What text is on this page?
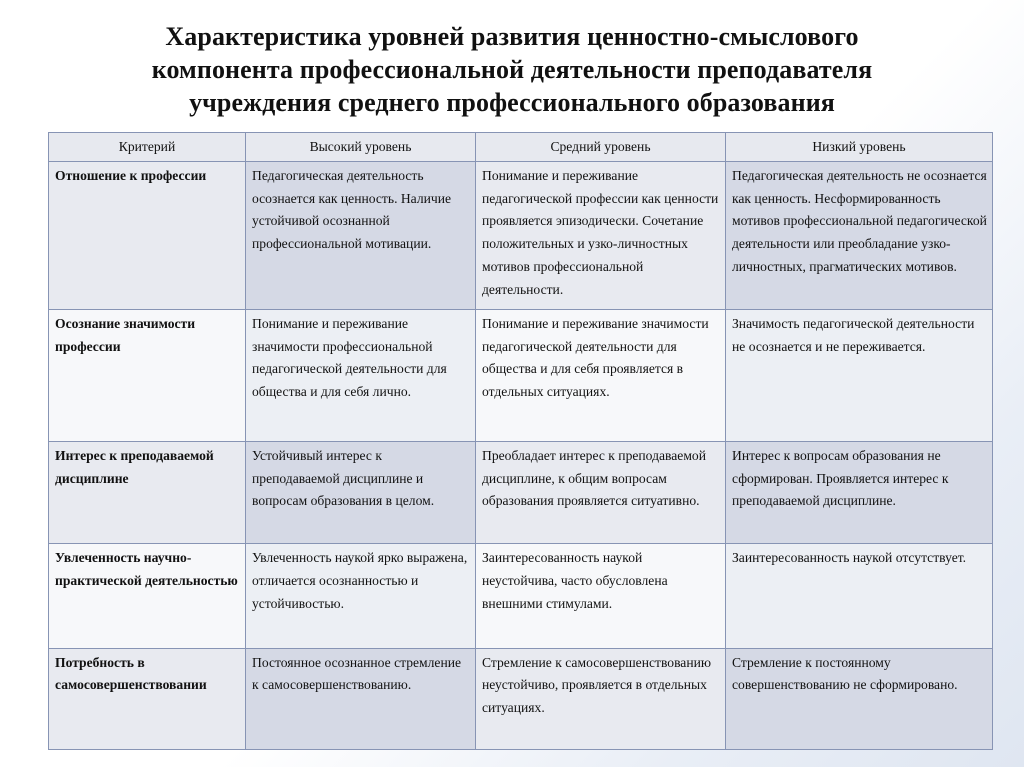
Характеристика уровней развития ценностно-смыслового
компонента профессиональной деятельности преподавателя
учреждения среднего профессионального образования
Критерий	Высокий уровень	Средний уровень	Низкий уровень
Отношение к профессии	Педагогическая деятельность осознается как ценность. Наличие устойчивой осознанной профессиональной мотивации.	Понимание и переживание педагогической профессии как ценности проявляется эпизодически. Сочетание положительных и узко-личностных мотивов профессиональной деятельности.	Педагогическая деятельность не осознается как ценность. Несформированность мотивов профессиональной педагогической деятельности или преобладание узко-личностных, прагматических мотивов.
Осознание значимости профессии	Понимание и переживание значимости профессиональной педагогической деятельности для общества и для себя лично.	Понимание и переживание значимости педагогической деятельности для общества и для себя проявляется в отдельных ситуациях.	Значимость педагогической деятельности не осознается и не переживается.
Интерес к преподаваемой дисциплине	Устойчивый интерес к преподаваемой дисциплине и вопросам образования в целом.	Преобладает интерес к преподаваемой дисциплине, к общим вопросам образования проявляется ситуативно.	Интерес к вопросам образования не сформирован. Проявляется интерес к преподаваемой дисциплине.
Увлеченность научно-практической деятельностью	Увлеченность наукой ярко выражена, отличается осознанностью и устойчивостью.	Заинтересованность наукой неустойчива, часто обусловлена внешними стимулами.	Заинтересованность наукой отсутствует.
Потребность в самосовершенствовании	Постоянное осознанное стремление к самосовершенствованию.	Стремление к самосовершенствованию неустойчиво, проявляется в отдельных ситуациях.	Стремление к постоянному совершенствованию не сформировано.
